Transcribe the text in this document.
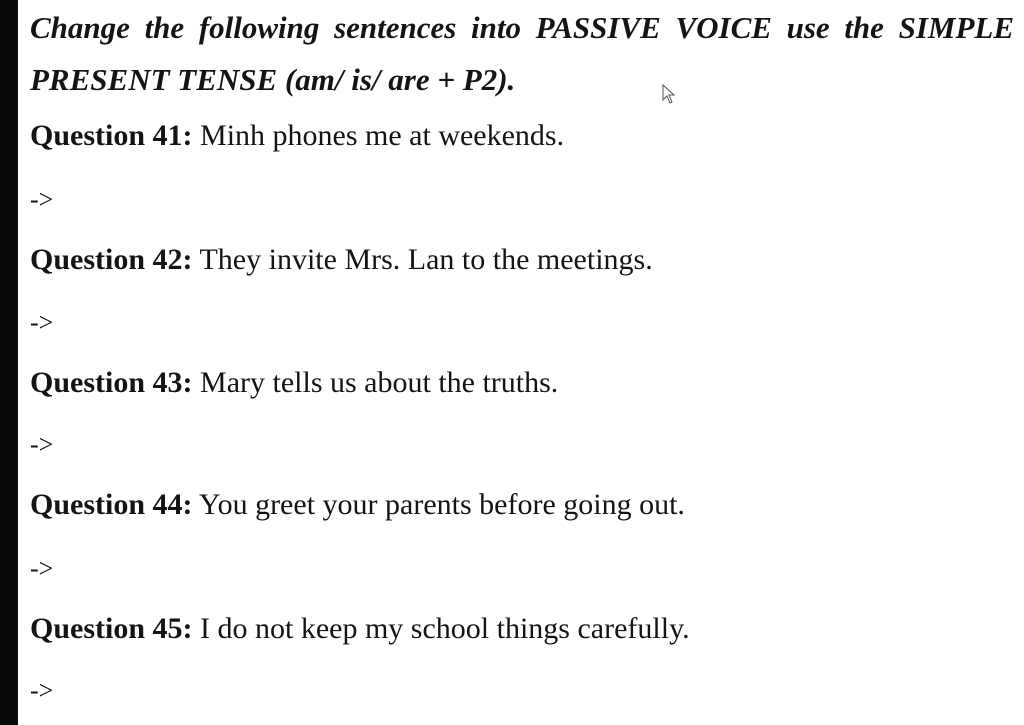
Change the following sentences into PASSIVE VOICE use the SIMPLE PRESENT TENSE (am/ is/ are + P2).
Question 41: Minh phones me at weekends.
->
Question 42: They invite Mrs. Lan to the meetings.
->
Question 43: Mary tells us about the truths.
->
Question 44: You greet your parents before going out.
->
Question 45: I do not keep my school things carefully.
->
